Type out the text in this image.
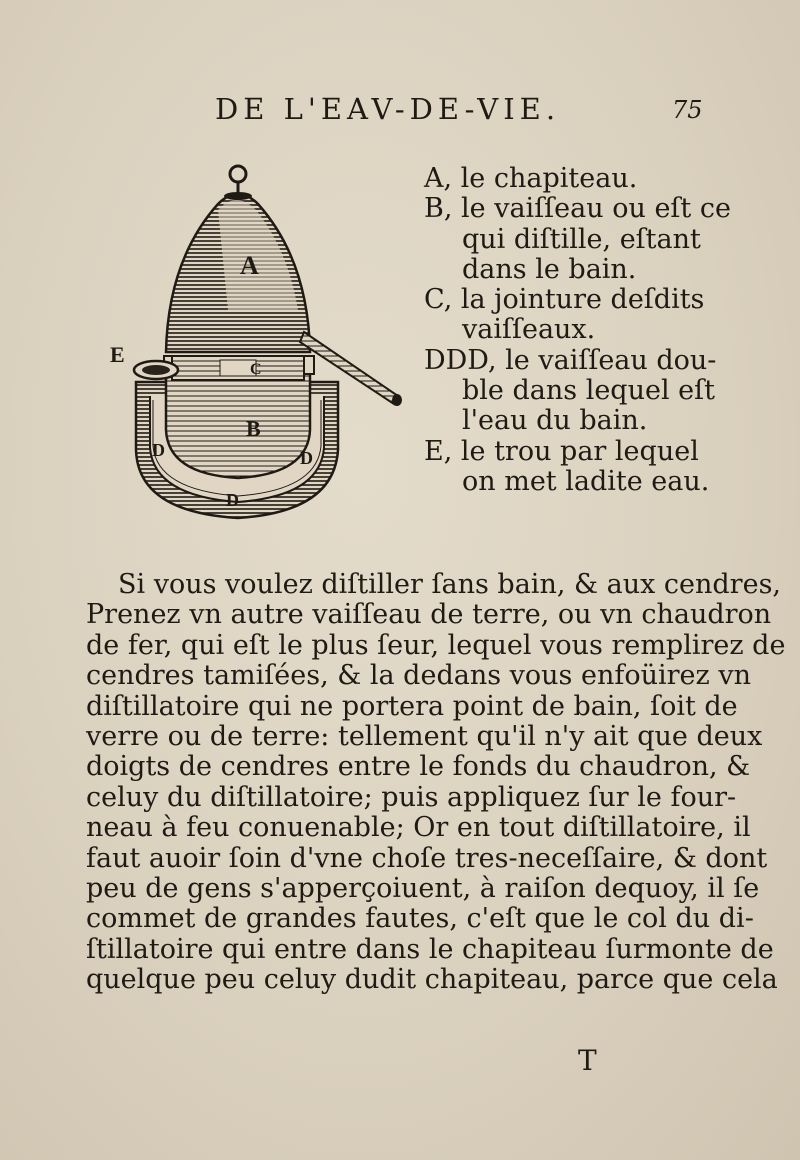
DE L'EAV-DE-VIE.	75
A
B
C
D	D
D
E
A, le chapiteau.
B, le vaiſſeau ou eſt ce
qui diſtille, eſtant
dans le bain.
C, la jointure deſdits
vaiſſeaux.
DDD, le vaiſſeau dou-
ble dans lequel eſt
l'eau du bain.
E, le trou par lequel
on met ladite eau.
Si vous voulez diſtiller ſans bain, & aux cendres,
Prenez vn autre vaiſſeau de terre, ou vn chaudron
de fer, qui eſt le plus ſeur, lequel vous remplirez de
cendres tamiſées, & la dedans vous enfoüirez vn
diſtillatoire qui ne portera point de bain, ſoit de
verre ou de terre: tellement qu'il n'y ait que deux
doigts de cendres entre le fonds du chaudron, &
celuy du diſtillatoire; puis appliquez ſur le four-
neau à feu conuenable; Or en tout diſtillatoire, il
faut auoir ſoin d'vne choſe tres-neceſſaire, & dont
peu de gens s'apperçoiuent, à raiſon dequoy, il ſe
commet de grandes fautes, c'eſt que le col du di-
ſtillatoire qui entre dans le chapiteau ſurmonte de
quelque peu celuy dudit chapiteau, parce que cela
T
